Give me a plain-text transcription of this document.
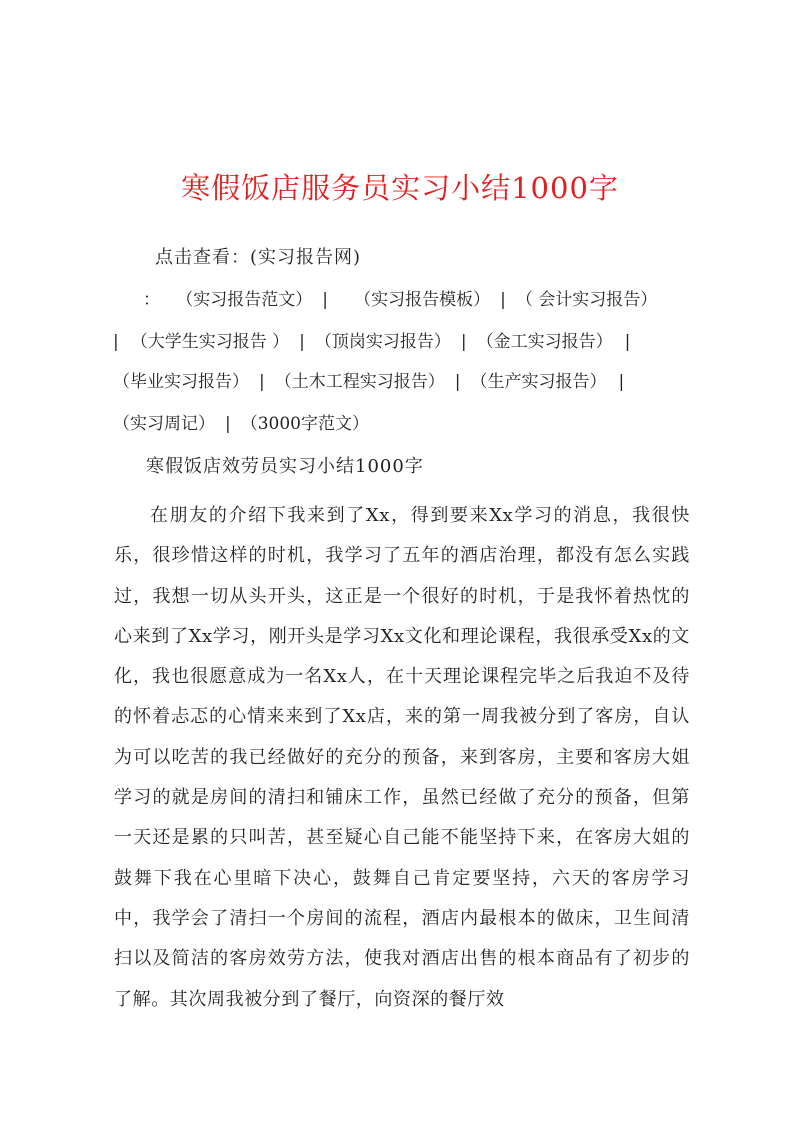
寒假饭店服务员实习小结1000字
点击查看：(实习报告网)
： （实习报告范文） | （实习报告模板） | （ 会计实习报告）
| （大学生实习报告 ） | （顶岗实习报告） | （金工实习报告） |
（毕业实习报告） | （土木工程实习报告） | （生产实习报告） |
（实习周记） | （3000字范文）
寒假饭店效劳员实习小结1000字

在朋友的介绍下我来到了Xx，得到要来Xx学习的消息，我很快乐，很珍惜这样的时机，我学习了五年的酒店治理，都没有怎么实践过，我想一切从头开头，这正是一个很好的时机，于是我怀着热忱的心来到了Xx学习，刚开头是学习Xx文化和理论课程，我很承受Xx的文化，我也很愿意成为一名Xx人，在十天理论课程完毕之后我迫不及待的怀着忐忑的心情来来到了Xx店，来的第一周我被分到了客房，自认为可以吃苦的我已经做好的充分的预备，来到客房，主要和客房大姐学习的就是房间的清扫和铺床工作，虽然已经做了充分的预备，但第一天还是累的只叫苦，甚至疑心自己能不能坚持下来，在客房大姐的鼓舞下我在心里暗下决心，鼓舞自己肯定要坚持，六天的客房学习中，我学会了清扫一个房间的流程，酒店内最根本的做床，卫生间清扫以及简洁的客房效劳方法，使我对酒店出售的根本商品有了初步的了解。其次周我被分到了餐厅，向资深的餐厅效
